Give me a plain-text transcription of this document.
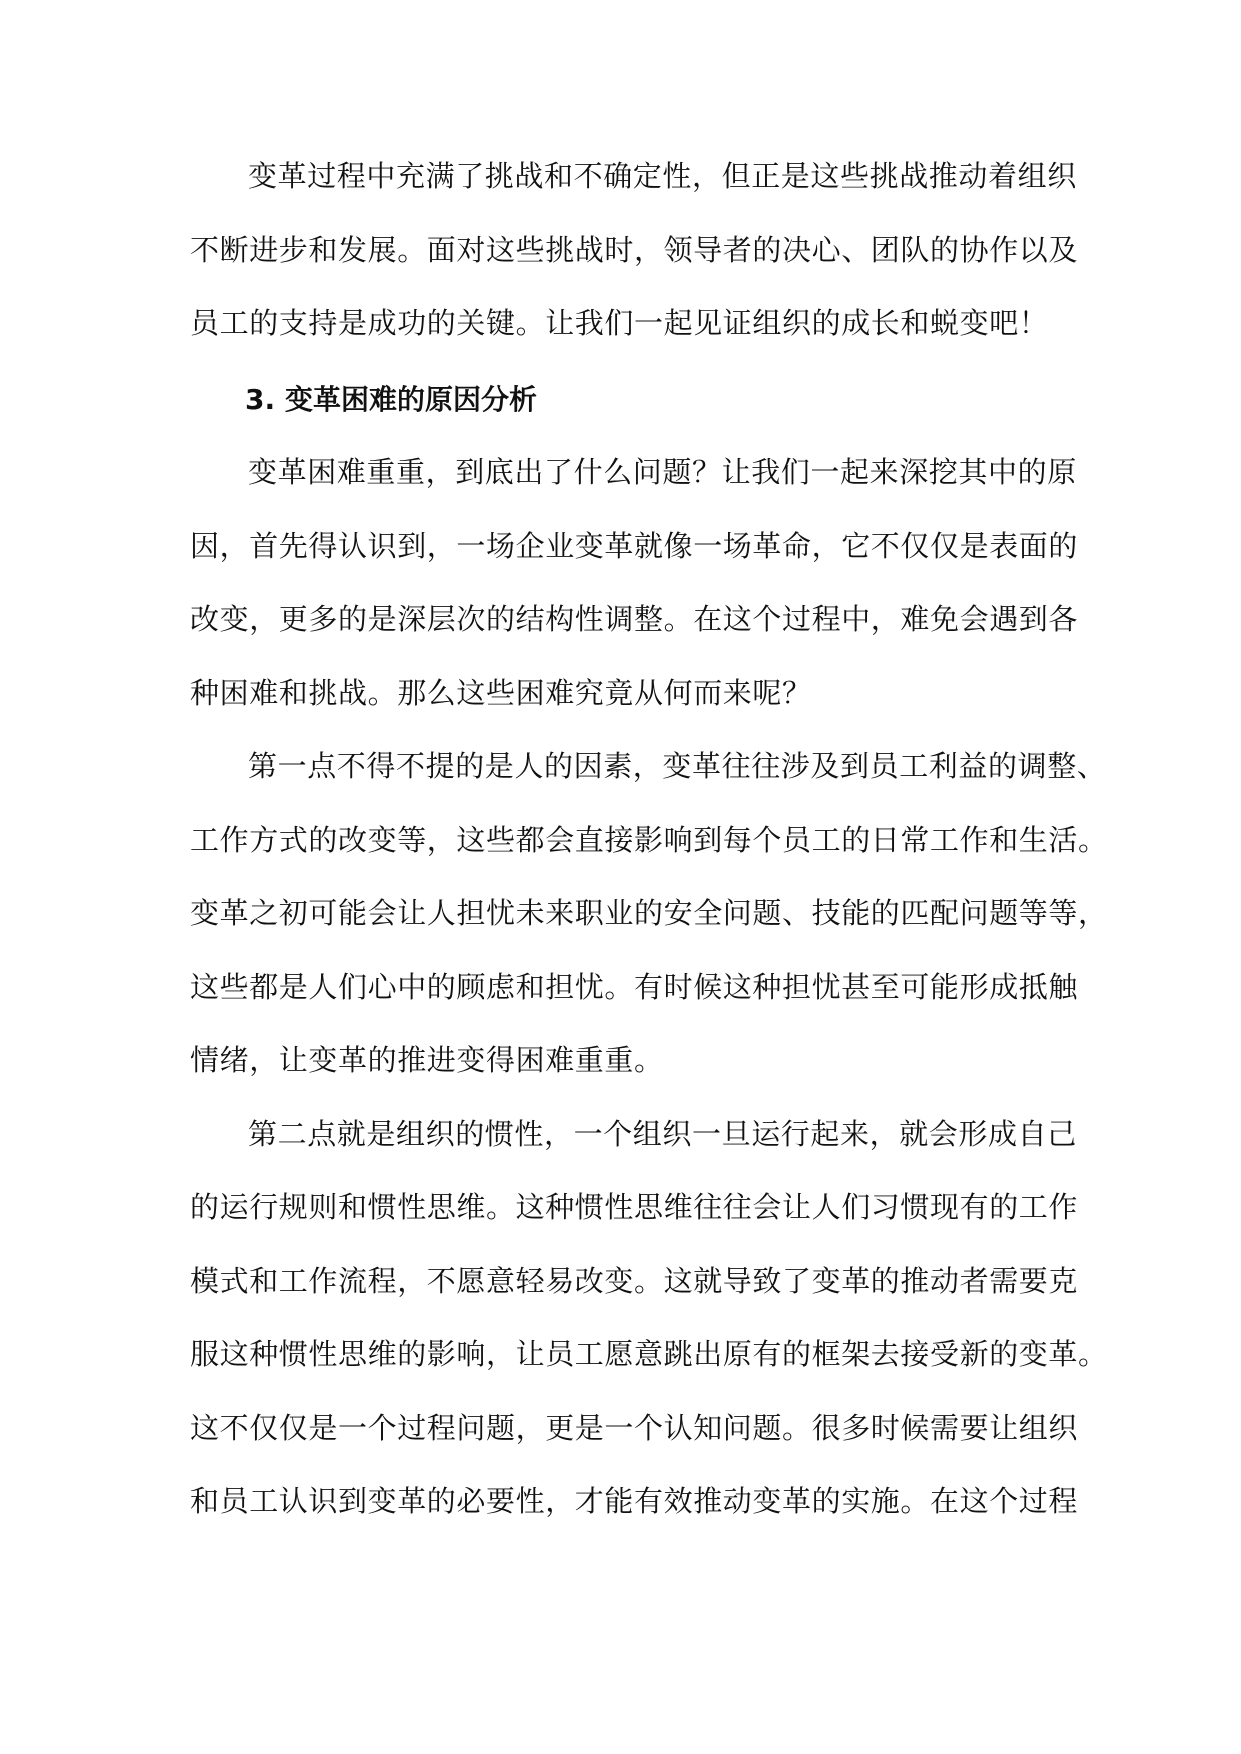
变革过程中充满了挑战和不确定性，但正是这些挑战推动着组织
不断进步和发展。面对这些挑战时，领导者的决心、团队的协作以及
员工的支持是成功的关键。让我们一起见证组织的成长和蜕变吧！
3. 变革困难的原因分析
变革困难重重，到底出了什么问题？让我们一起来深挖其中的原
因，首先得认识到，一场企业变革就像一场革命，它不仅仅是表面的
改变，更多的是深层次的结构性调整。在这个过程中，难免会遇到各
种困难和挑战。那么这些困难究竟从何而来呢？
第一点不得不提的是人的因素，变革往往涉及到员工利益的调整、
工作方式的改变等，这些都会直接影响到每个员工的日常工作和生活。
变革之初可能会让人担忧未来职业的安全问题、技能的匹配问题等等，
这些都是人们心中的顾虑和担忧。有时候这种担忧甚至可能形成抵触
情绪，让变革的推进变得困难重重。
第二点就是组织的惯性，一个组织一旦运行起来，就会形成自己
的运行规则和惯性思维。这种惯性思维往往会让人们习惯现有的工作
模式和工作流程，不愿意轻易改变。这就导致了变革的推动者需要克
服这种惯性思维的影响，让员工愿意跳出原有的框架去接受新的变革。
这不仅仅是一个过程问题，更是一个认知问题。很多时候需要让组织
和员工认识到变革的必要性，才能有效推动变革的实施。在这个过程
